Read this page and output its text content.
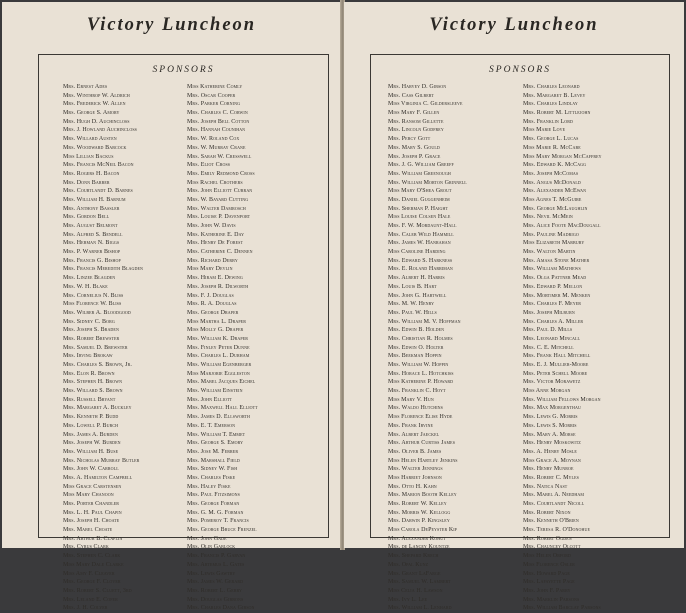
Victory Luncheon
SPONSORS
Mrs. Ernest Ades
Mrs. Winthrop W. Aldrich
Mrs. Frederick W. Allen
Mrs. George S. Amory
Mrs. Hugh D. Auchincloss
Mrs. J. Howland Auchincloss
Mrs. Willard Austen
Mrs. Woodward Babcock
Miss Lillian Backus
Mrs. Francis McNeil Bacon
Mrs. Rogers H. Bacon
Mrs. Donn Barber
Mrs. Courtlandt D. Barnes
Mrs. William H. Barnum
Mrs. Anthony Bassler
Mrs. Gordon Bell
Mrs. August Belmont
Mrs. Alfred S. Bendell
Mrs. Herman N. Biggs
Mrs. P. Warner Bishop
Mrs. Francis G. Bishop
Mrs. Francis Meredith Blagden
Mrs. Linzee Blagden
Mrs. W. H. Blake
Mrs. Cornelius N. Bliss
Miss Florence W. Bliss
Mrs. Wilber A. Bloodgood
Mrs. Sidney C. Borg
Mrs. Joseph S. Braden
Mrs. Robert Brewster
Mrs. Samuel D. Brewster
Mrs. Irving Brokaw
Mrs. Charles S. Brown, Jr.
Mrs. Elon R. Brown
Mrs. Stephen H. Brown
Mrs. Willard S. Brown
Mrs. Russell Bryant
Mrs. Margaret A. Buckley
Mrs. Kenneth P. Budd
Mrs. Lowell P. Burch
Mrs. James A. Burden
Mrs. Joseph W. Burden
Mrs. William H. Buse
Mrs. Nicholas Murray Butler
Mrs. John W. Carroll
Mrs. A. Hamilton Campbell
Miss Grace Carstensen
Miss Mary Chanoon
Mrs. Porter Chandler
Mrs. L. H. Paul Chapin
Mrs. Joseph H. Choate
Mrs. Mabel Choate
Mrs. Arthur B. Claflin
Mrs. Cyrus Clark
Mrs. Stephen C. Clark
Miss Mary Dale Clarke
Miss Amy F. Cleaver
Mrs. George F. Clover
Mrs. Robert S. Cluett, 3rd
Mrs. Leland E. Cofer
Mrs. J. H. Colyer
Miss Katherine Comly
Mrs. Oscar Cooper
Mrs. Parker Corning
Mrs. Charles C. Corwin
Mrs. Joseph Bell Cotton
Mrs. Hannah Counihan
Mrs. W. Roland Cox
Mrs. W. Murray Crane
Mrs. Sarah W. Cresswell
Mrs. Eliot Cross
Mrs. Emily Redmond Cross
Miss Rachel Crothers
Mrs. John Elliott Curran
Mrs. W. Bayard Cutting
Mrs. Walter Damrosch
Mrs. Louise P. Davenport
Mrs. John W. Davis
Mrs. Katherine E. Day
Mrs. Henry De Forest
Mrs. Catherine C. Dennen
Mrs. Richard Derby
Miss Mary Devlin
Mrs. Hiram E. Dewing
Mrs. Joseph R. Dilworth
Mrs. F. J. Douglas
Mrs. R. A. Douglas
Mrs. George Draper
Miss Martha L. Draper
Miss Molly G. Draper
Mrs. William K. Draper
Mrs. Finley Peter Dunne
Mrs. Charles L. Durham
Mrs. William Egenberger
Miss Marjorie Eggleston
Mrs. Mabel Jacques Eichel
Mrs. William Einstein
Mrs. John Elliott
Mrs. Maxwell Hall Elliott
Mrs. James D. Ellsworth
Mrs. E. T. Emerson
Mrs. William T. Emmet
Mrs. George S. Emory
Mrs. Jose M. Ferrer
Mrs. Marshall Field
Mrs. Sidney W. Fish
Mrs. Charles Fiske
Mrs. Haley Fiske
Mrs. Paul Fitzsimons
Mrs. George Forman
Mrs. G. M. G. Forman
Mrs. Pomeroy T. Francis
Mrs. George Bruce Frenzel
Mrs. John Gade
Mrs. Olin Gablock
Mrs. Francis P. Garvan
Mrs. Artemus L. Gates
Mrs. Lewis Gawtry
Mrs. James W. Gerard
Mrs. Robert L. Gerry
Mrs. Douglas Gibbons
Mrs. Charles Dana Gibson
Victory Luncheon
SPONSORS
Mrs. Harvey D. Gibson
Mrs. Cass Gilbert
Miss Virginia C. Gildersleeve
Miss Mary F. Gillen
Mrs. Ransom Gillette
Mrs. Lincoln Godfrey
Mrs. Percy Gott
Mrs. Mary S. Gould
Mrs. Joseph P. Grace
Mrs. J. G. William Greeff
Mrs. William Greenough
Mrs. William Morton Grinnell
Miss Mary O'Shea Grout
Mrs. Daniel Guggenheim
Mrs. Sherman P. Haight
Miss Louise Colsen Hale
Mrs. F. W. Mordaunt-Hall
Mrs. Caleb Wild Hammill
Mrs. James W. Hanrahan
Miss Caroline Harding
Mrs. Edward S. Harkness
Mrs. E. Roland Harriman
Mrs. Albert H. Harris
Mrs. Louis B. Hart
Mrs. John G. Hartwell
Mrs. M. W. Henry
Mrs. Paul W. Hills
Mrs. William M. V. Hoffman
Mrs. Edwin B. Holden
Mrs. Christian R. Holmes
Mrs. Edwin O. Holter
Mrs. Beekman Hoppin
Mrs. William W. Hoppin
Mrs. Horace L. Hotchkiss
Miss Katherine P. Howard
Mrs. Franklin C. Hoyt
Miss Mary V. Hun
Mrs. Waldo Hutchins
Miss Florence Elise Hyde
Mrs. Frank Irvine
Mrs. Albert Jaeckel
Mrs. Arthur Curtiss James
Mrs. Oliver B. James
Miss Helen Hartley Jenkins
Mrs. Walter Jennings
Miss Harriet Johnson
Mrs. Otto H. Kahn
Mrs. Marion Booth Kelley
Mrs. Robert W. Kelley
Mrs. Morris W. Kellogg
Mrs. Darwin P. Kingsley
Miss Carola DePeyster Kip
Mrs. Alexander Kohut
Mrs. de Lancey Kountze
Mrs. Shepard Krech
Mrs. Opal Kunz
Mrs. Grant LaFarge
Mrs. Samuel W. Lambert
Miss Celia H. Lawson
Mrs. Ivy L. Lee
Mrs. William L. Lenhard
Mrs. Charles Leonard
Mrs. Margaret B. Levey
Mrs. Charles Lindlay
Mrs. Robert M. Littlejohn
Mrs. Franklin Lord
Miss Marie Love
Mrs. George L. Lucas
Miss Marie R. McCabe
Miss Mary Morgan McCaffrey
Mrs. Edward K. McCagg
Mrs. Joseph McComas
Mrs. Angus McDonald
Mrs. Alexander McEwan
Miss Agnes T. McGuire
Mrs. George McLaughlin
Mrs. Nevil McMein
Mrs. Alice Foote MacDougall
Mrs. Pauline Madrigo
Miss Elizabeth Marbury
Mrs. Walton Martin
Mrs. Amasa Stone Mather
Mrs. William Mathews
Mrs. Olga Pattner Mead
Mrs. Edward P. Mellon
Mrs. Mortimer M. Menken
Mrs. Charles F. Meyer
Mrs. Joseph Milburn
Mrs. Charles A. Miller
Mrs. Paul D. Mills
Mrs. Leonard Mincall
Mrs. C. E. Mitchell
Mrs. Frank Hall Mitchell
Mrs. E. J. Mullier-Moore
Mrs. Peter Schell Moore
Mrs. Victor Morawetz
Miss Anne Morgan
Mrs. William Fellows Morgan
Mrs. Max Morgenthau
Mrs. Lewis G. Morris
Mrs. Lewis S. Morris
Mrs. Mary A. Morse
Mrs. Henry Moskowitz
Mrs. A. Henry Mosle
Miss Grace A. Moynan
Mrs. Henry Munroe
Mrs. Robert C. Myles
Mrs. Natica Nast
Mrs. Mabel A. Needham
Mrs. Courtlandt Nicoll
Mrs. Robert Nixon
Mrs. Kenneth O'Brien
Mrs. Teresa R. O'Donohue
Mrs. Robert Ogden
Mrs. Chauncey Olcott
Miss Helen Orford
Miss Florence Osler
Mrs. Howard Page
Mrs. Lafayette Page
Mrs. John F. Parry
Mrs. Marklin Parsons
Mrs. William Barclay Parsons
